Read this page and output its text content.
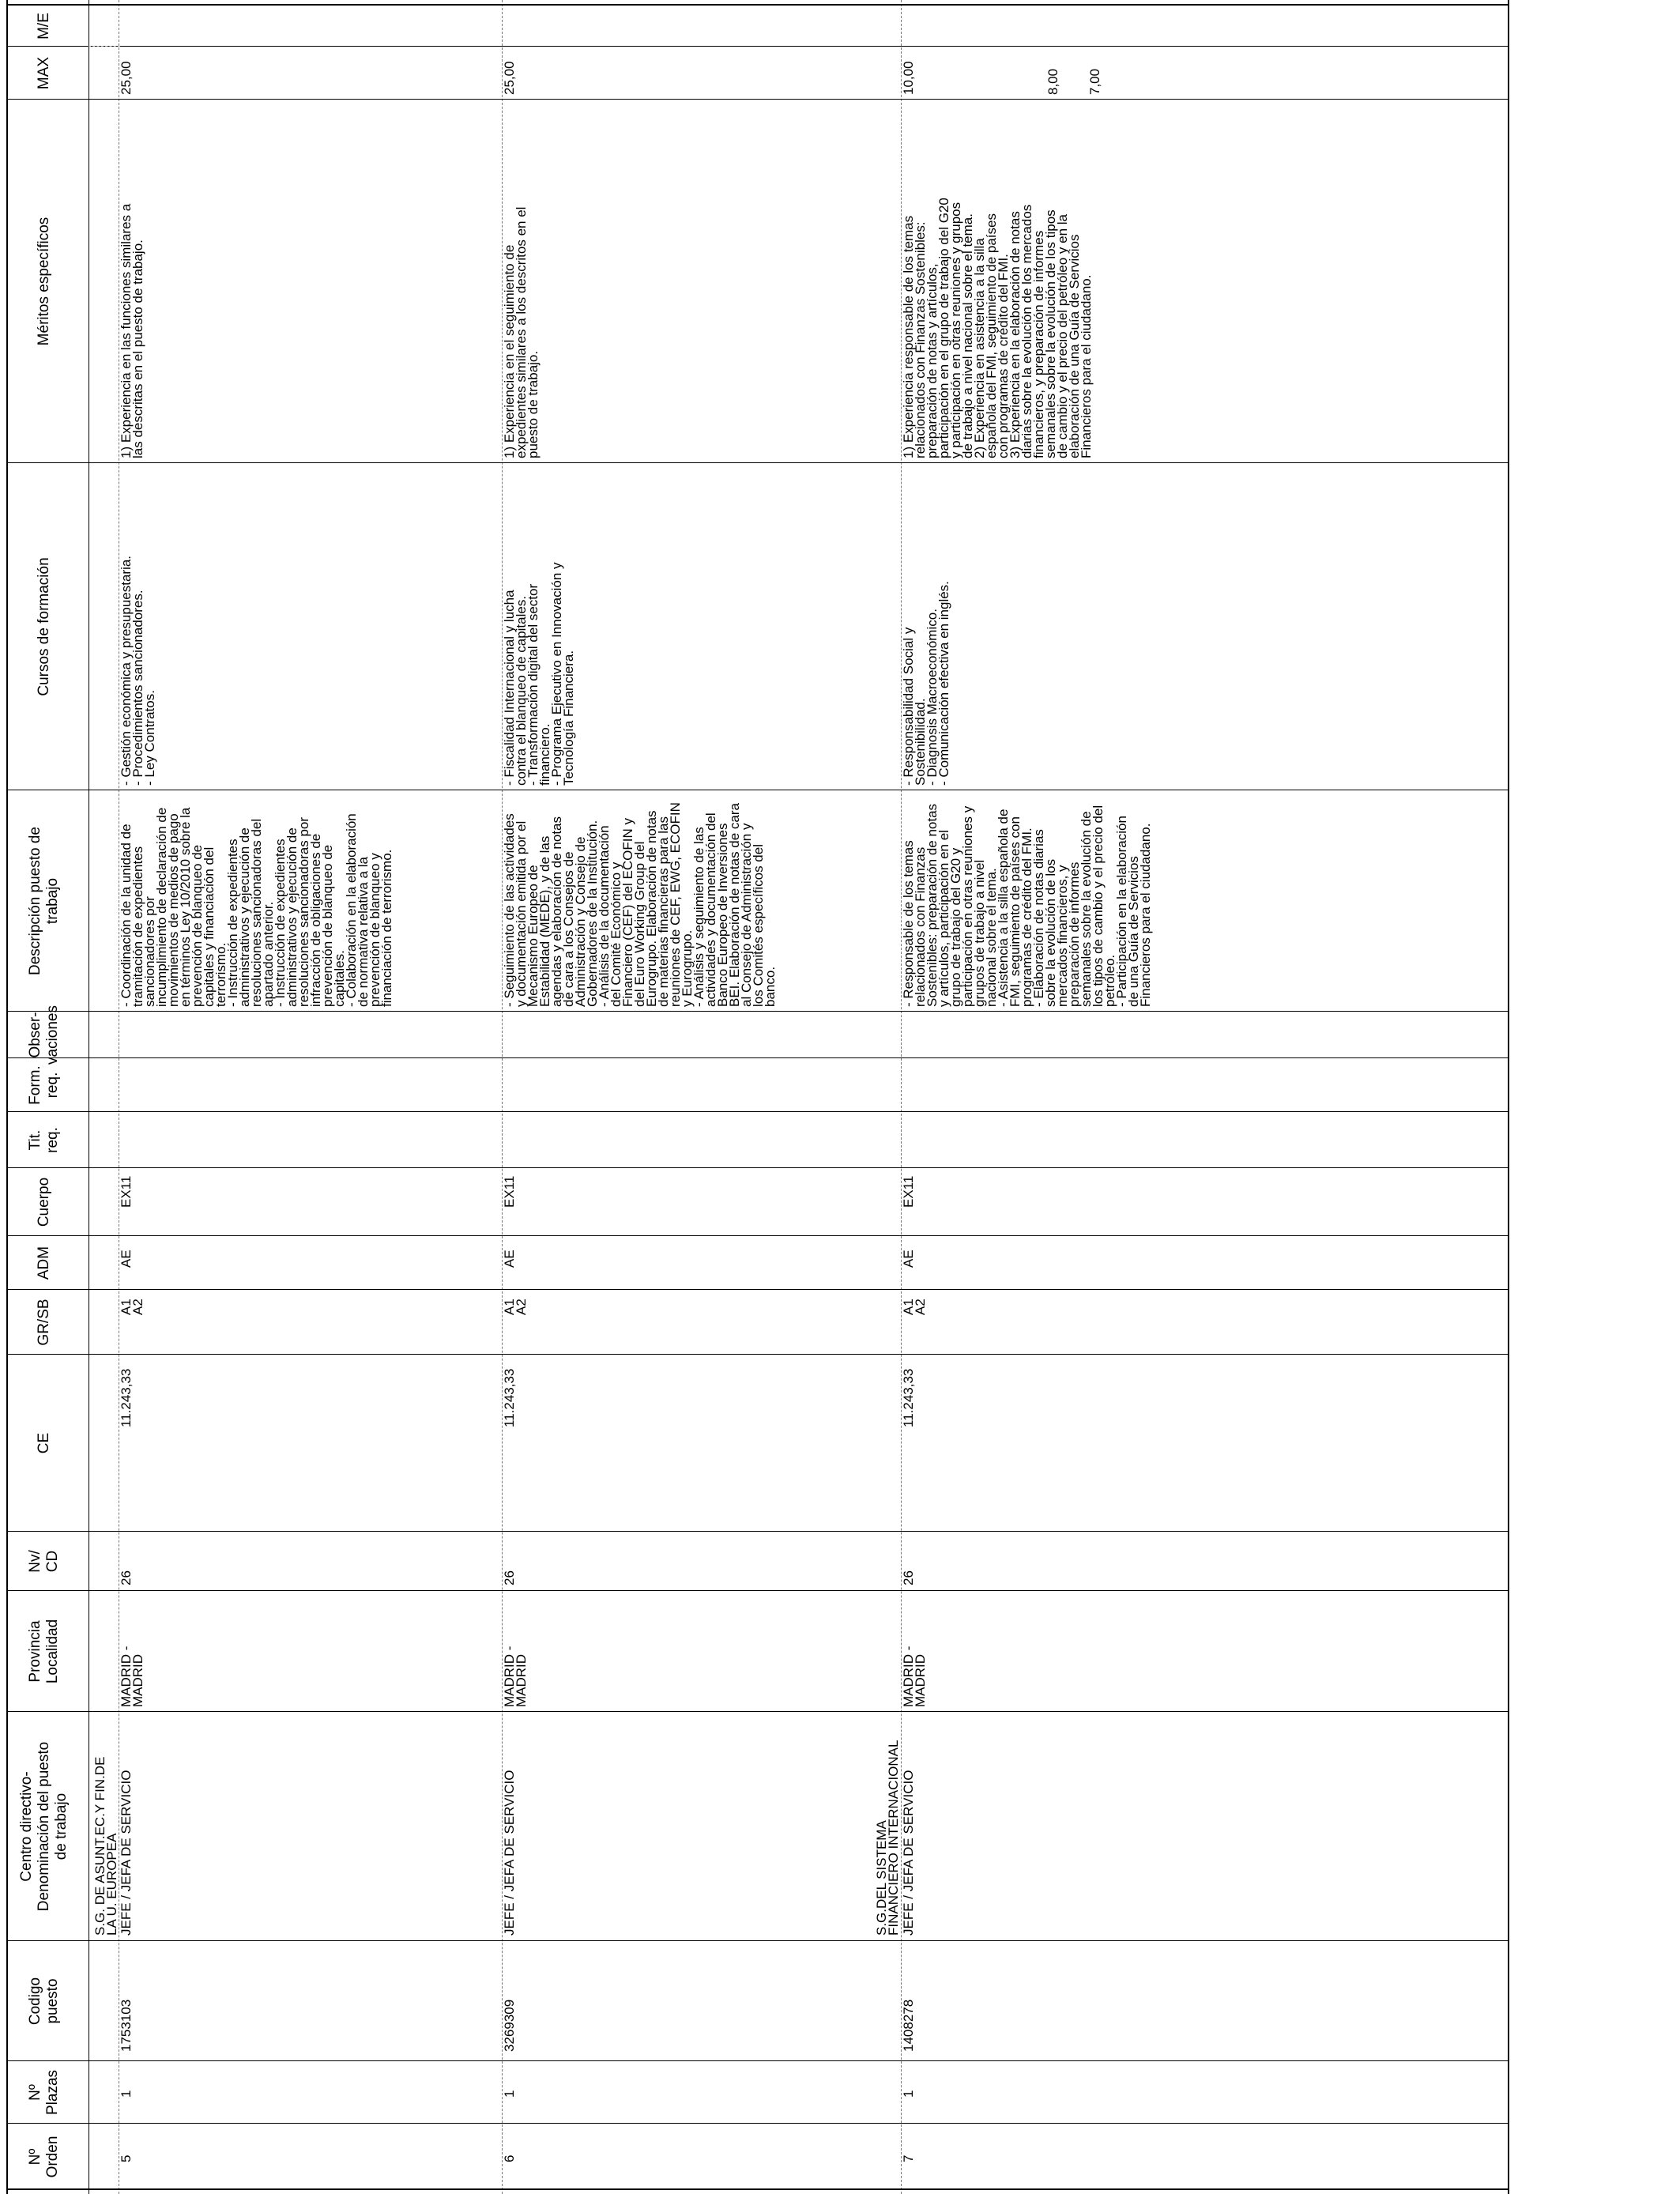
Nº Orden
Nº Plazas
Codigo puesto
Centro directivo- Denominación del puesto de trabajo
Provincia Localidad
Nv/ CD
CE
GR/SB
ADM
Cuerpo
Tit. req.
Form. req.
Obser- vaciones
Descripción puesto de trabajo
Cursos de formación
Méritos específicos
MAX
M/E
5
1
1753103
S.G. DE ASUNT.EC.Y FIN.DE
LA U. EUROPEA JEFE / JEFA DE SERVICIO
MADRID -
MADRID
26
11.243,33
A1
A2
AE
EX11
- Coordinación de la unidad de
tramitación de expedientes
sancionadores por
incumplimiento de declaración de
movimientos de medios de pago
en términos Ley 10/2010 sobre la
prevención de blanqueo de
capitales y financiación del
terrorismo.
- Instrucción de expedientes
administrativos y ejecución de
resoluciones sancionadoras del
apartado anterior.
- Instrucción de expedientes
administrativos y ejecución de
resoluciones sancionadoras por
infracción de obligaciones de
prevención de blanqueo de
capitales.
- Colaboración en la elaboración
de normativa relativa a la
prevención de blanqueo y
financiación de terrorismo.
- Gestión económica y presupuestaria.
- Procedimientos sancionadores.
- Ley Contratos.
1) Experiencia en las funciones similares a
las descritas en el puesto de trabajo.
25,00
6
1
3269309
JEFE / JEFA DE SERVICIO
MADRID -
MADRID
26
11.243,33
A1
A2
AE
EX11
- Seguimiento de las actividades
y documentación emitida por el
Mecanismo Europeo de
Estabilidad (MEDE), y de las
agendas y elaboración de notas
de cara a los Consejos de
Administración y Consejo de
Gobernadores de la Institución.
- Análisis de la documentación
del Comité Económico y
Financiero (CEF) del ECOFIN y
del Euro Working Group del
Eurogrupo. Elaboración de notas
de materias financieras para las
reuniones de CEF, EWG, ECOFIN
y Eurogrupo.
- Análisis y seguimiento de las
actividades y documentación del
Banco Europeo de Inversiones
BEI. Elaboración de notas de cara
al Consejo de Administración y
los Comités específicos del
banco.
- Fiscalidad Internacional y lucha
contra el blanqueo de capitales.
- Transformación digital del sector
financiero.
- Programa Ejecutivo en Innovación y
Tecnología Financiera.
1) Experiencia en el seguimiento de
expedientes similares a los descritos en el
puesto de trabajo.
25,00
7
1
1408278
S.G.DEL SISTEMA
FINANCIERO INTERNACIONAL JEFE / JEFA DE SERVICIO
MADRID -
MADRID
26
11.243,33
A1
A2
AE
EX11
- Responsable de los temas
relacionados con Finanzas
Sostenibles: preparación de notas
y artículos, participación en el
grupo de trabajo del G20 y
participación en otras reuniones y
grupos de trabajo a nivel
nacional sobre el tema.
- Asistencia a la silla española de
FMI, seguimiento de países con
programas de crédito del FMI.
- Elaboración de notas diarias
sobre la evolución de los
mercados financieros, y
preparación de informes
semanales sobre la evolución de
los tipos de cambio y el precio del
petróleo.
- Participación en la elaboración
de una Guía de Servicios
Financieros para el ciudadano.
- Responsabilidad Social y
Sostenibilidad.
- Diagnosis Macroeconómico.
- Comunicación efectiva en inglés.
1) Experiencia responsable de los temas
relacionados con Finanzas Sostenibles:
preparación de notas y artículos,
participación en el grupo de trabajo del G20
y participación en otras reuniones y grupos
de trabajo a nivel nacional sobre el tema.
2) Experiencia en asistencia a la silla
española del FMI, seguimiento de países
con programas de crédito del FMI.
3) Experiencia en la elaboración de notas
diarias sobre la evolución de los mercados
financieros, y preparación de informes
semanales sobre la evolución de los tipos
de cambio y el precio del petróleo y en la
elaboración de una Guía de Servicios
Financieros para el ciudadano.
10,00	8,00 7,00
